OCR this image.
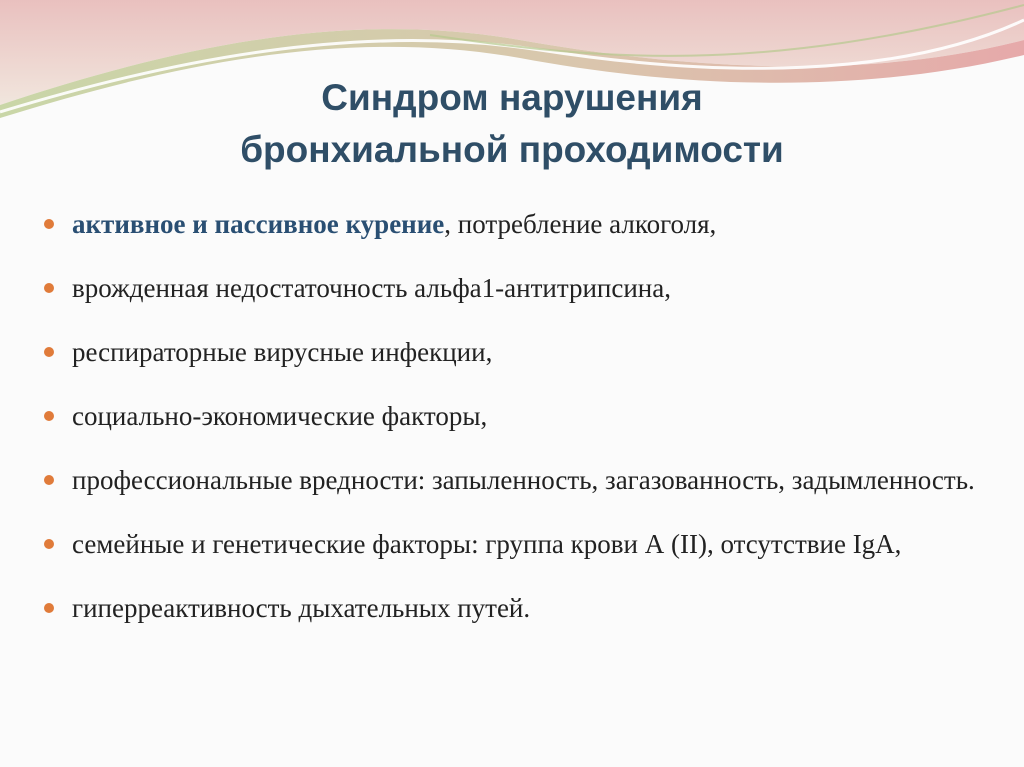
Синдром нарушения
бронхиальной проходимости
активное и пассивное курение, потребление алкоголя,
врожденная недостаточность альфа1-антитрипсина,
респираторные вирусные инфекции,
социально-экономические факторы,
профессиональные вредности: запыленность, загазованность, задымленность.
семейные и генетические факторы: группа крови А (II), отсутствие IgA,
гиперреактивность дыхательных путей.
